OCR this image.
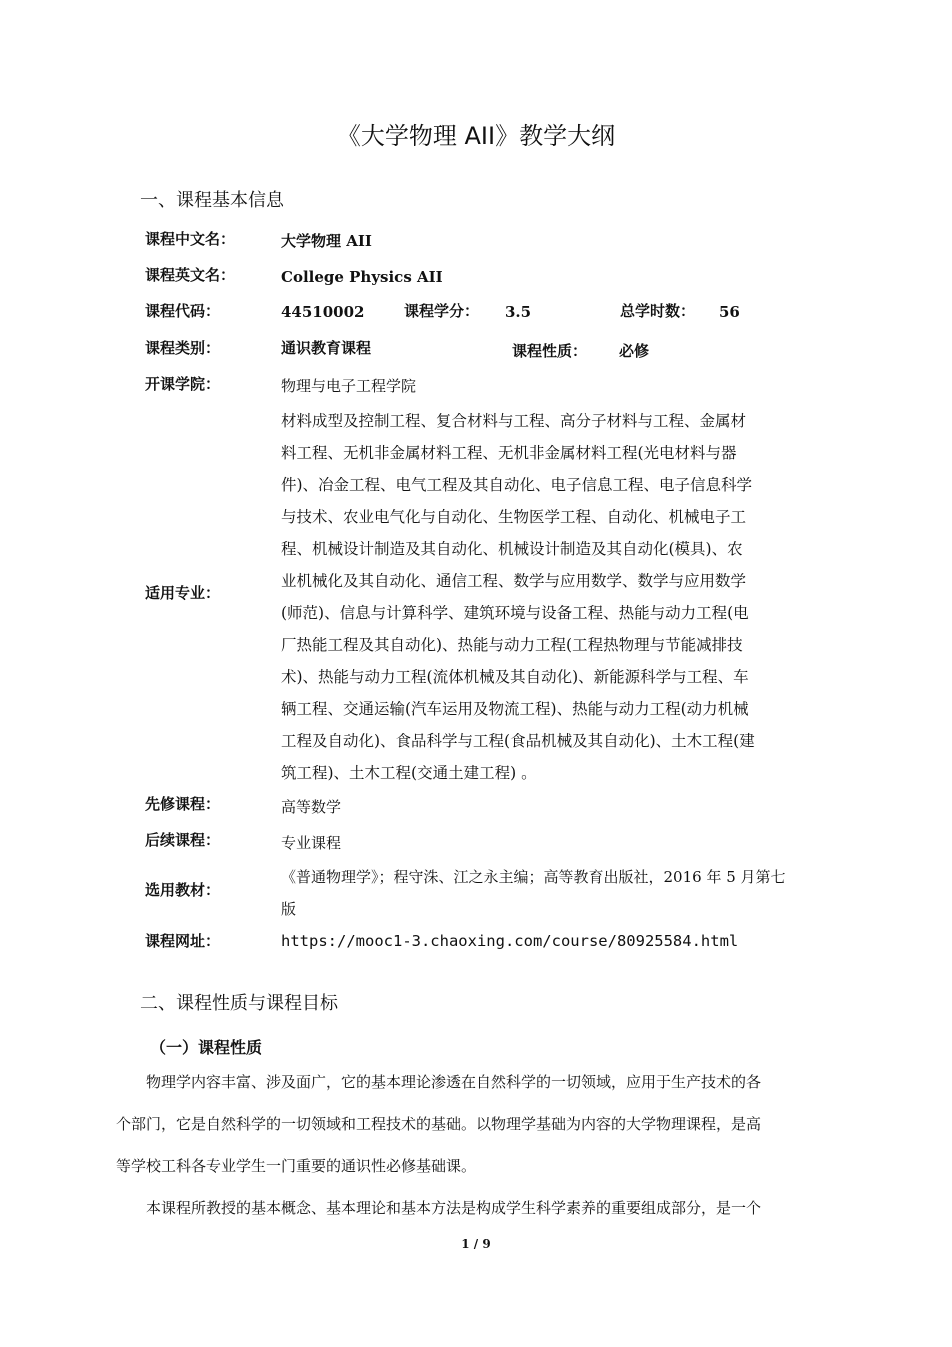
《大学物理 AII》教学大纲
一、课程基本信息
课程中文名：	大学物理 AII
课程英文名：	College Physics AII
课程代码：	44510002	课程学分： 3.5	总学时数： 56
课程类别：	通识教育课程	课程性质： 必修
开课学院：	物理与电子工程学院
适用专业：
材料成型及控制工程、复合材料与工程、高分子材料与工程、金属材
料工程、无机非金属材料工程、无机非金属材料工程(光电材料与器
件)、冶金工程、电气工程及其自动化、电子信息工程、电子信息科学
与技术、农业电气化与自动化、生物医学工程、自动化、机械电子工
程、机械设计制造及其自动化、机械设计制造及其自动化(模具)、农
业机械化及其自动化、通信工程、数学与应用数学、数学与应用数学
(师范)、信息与计算科学、建筑环境与设备工程、热能与动力工程(电
厂热能工程及其自动化)、热能与动力工程(工程热物理与节能减排技
术)、热能与动力工程(流体机械及其自动化)、新能源科学与工程、车
辆工程、交通运输(汽车运用及物流工程)、热能与动力工程(动力机械
工程及自动化)、食品科学与工程(食品机械及其自动化)、土木工程(建
筑工程)、土木工程(交通土建工程) 。
先修课程：	高等数学
后续课程：	专业课程
选用教材：
《普通物理学》；程守洙、江之永主编；高等教育出版社，2016 年 5 月第七
版
课程网址：	https://mooc1-3.chaoxing.com/course/80925584.html
二、课程性质与课程目标
（一）课程性质
物理学内容丰富、涉及面广，它的基本理论渗透在自然科学的一切领域，应用于生产技术的各
个部门，它是自然科学的一切领域和工程技术的基础。以物理学基础为内容的大学物理课程，是高
等学校工科各专业学生一门重要的通识性必修基础课。
本课程所教授的基本概念、基本理论和基本方法是构成学生科学素养的重要组成部分，是一个
1 / 9
